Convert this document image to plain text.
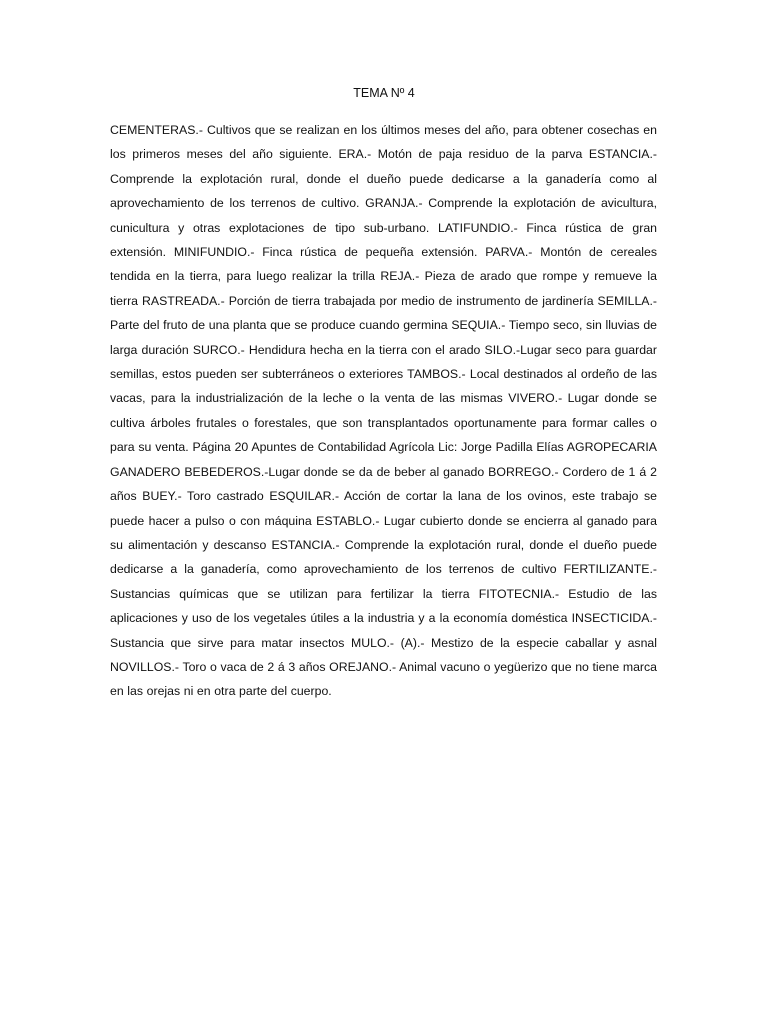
TEMA Nº 4

CEMENTERAS.- Cultivos que se realizan en los últimos meses del año, para obtener cosechas en los primeros meses del año siguiente. ERA.- Motón de paja residuo de la parva ESTANCIA.- Comprende la explotación rural, donde el dueño puede dedicarse a la ganadería como al aprovechamiento de los terrenos de cultivo. GRANJA.- Comprende la explotación de avicultura, cunicultura y otras explotaciones de tipo sub-urbano. LATIFUNDIO.- Finca rústica de gran extensión. MINIFUNDIO.- Finca rústica de pequeña extensión. PARVA.- Montón de cereales tendida en la tierra, para luego realizar la trilla REJA.- Pieza de arado que rompe y remueve la tierra RASTREADA.- Porción de tierra trabajada por medio de instrumento de jardinería SEMILLA.- Parte del fruto de una planta que se produce cuando germina SEQUIA.- Tiempo seco, sin lluvias de larga duración SURCO.- Hendidura hecha en la tierra con el arado SILO.-Lugar seco para guardar semillas, estos pueden ser subterráneos o exteriores TAMBOS.- Local destinados al ordeño de las vacas, para la industrialización de la leche o la venta de las mismas VIVERO.- Lugar donde se cultiva árboles frutales o forestales, que son transplantados oportunamente para formar calles o para su venta. Página 20 Apuntes de Contabilidad Agrícola Lic: Jorge Padilla Elías AGROPECARIA GANADERO BEBEDEROS.-Lugar donde se da de beber al ganado BORREGO.- Cordero de 1 á 2 años BUEY.- Toro castrado ESQUILAR.- Acción de cortar la lana de los ovinos, este trabajo se puede hacer a pulso o con máquina ESTABLO.- Lugar cubierto donde se encierra al ganado para su alimentación y descanso ESTANCIA.- Comprende la explotación rural, donde el dueño puede dedicarse a la ganadería, como aprovechamiento de los terrenos de cultivo FERTILIZANTE.- Sustancias químicas que se utilizan para fertilizar la tierra FITOTECNIA.- Estudio de las aplicaciones y uso de los vegetales útiles a la industria y a la economía doméstica INSECTICIDA.- Sustancia que sirve para matar insectos MULO.- (A).- Mestizo de la especie caballar y asnal NOVILLOS.- Toro o vaca de 2 á 3 años OREJANO.- Animal vacuno o yegüerizo que no tiene marca en las orejas ni en otra parte del cuerpo.
